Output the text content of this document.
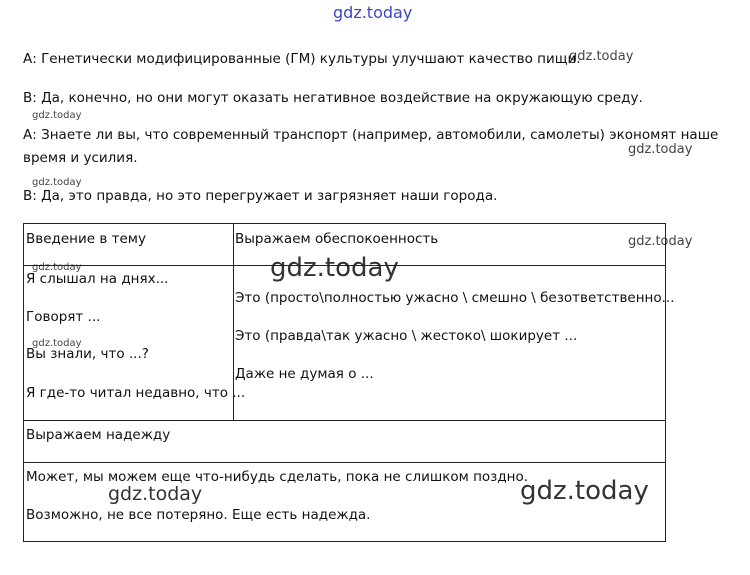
gdz.today
gdz.today
gdz.today
gdz.today
gdz.today
gdz.today
gdz.today
gdz.today
gdz.today
gdz.today	gdz.today
А: Генетически модифицированные (ГМ) культуры улучшают качество пищи.
В: Да, конечно, но они могут оказать негативное воздействие на окружающую среду.
А: Знаете ли вы, что современный транспорт (например, автомобили, самолеты) экономят наше
время и усилия.
В: Да, это правда, но это перегружает и загрязняет наши города.
Введение в тему	Выражаем обеспокоенность
Я слышал на днях...
Говорят ...
Вы знали, что ...?
Я где-то читал недавно, что ...
Это (просто\полностью ужасно \ смешно \ безответственно...
Это (правда\так ужасно \ жестоко\ шокирует ...
Даже не думая о ...
Выражаем надежду
Может, мы можем еще что-нибудь сделать, пока не слишком поздно.
Возможно, не все потеряно. Еще есть надежда.
